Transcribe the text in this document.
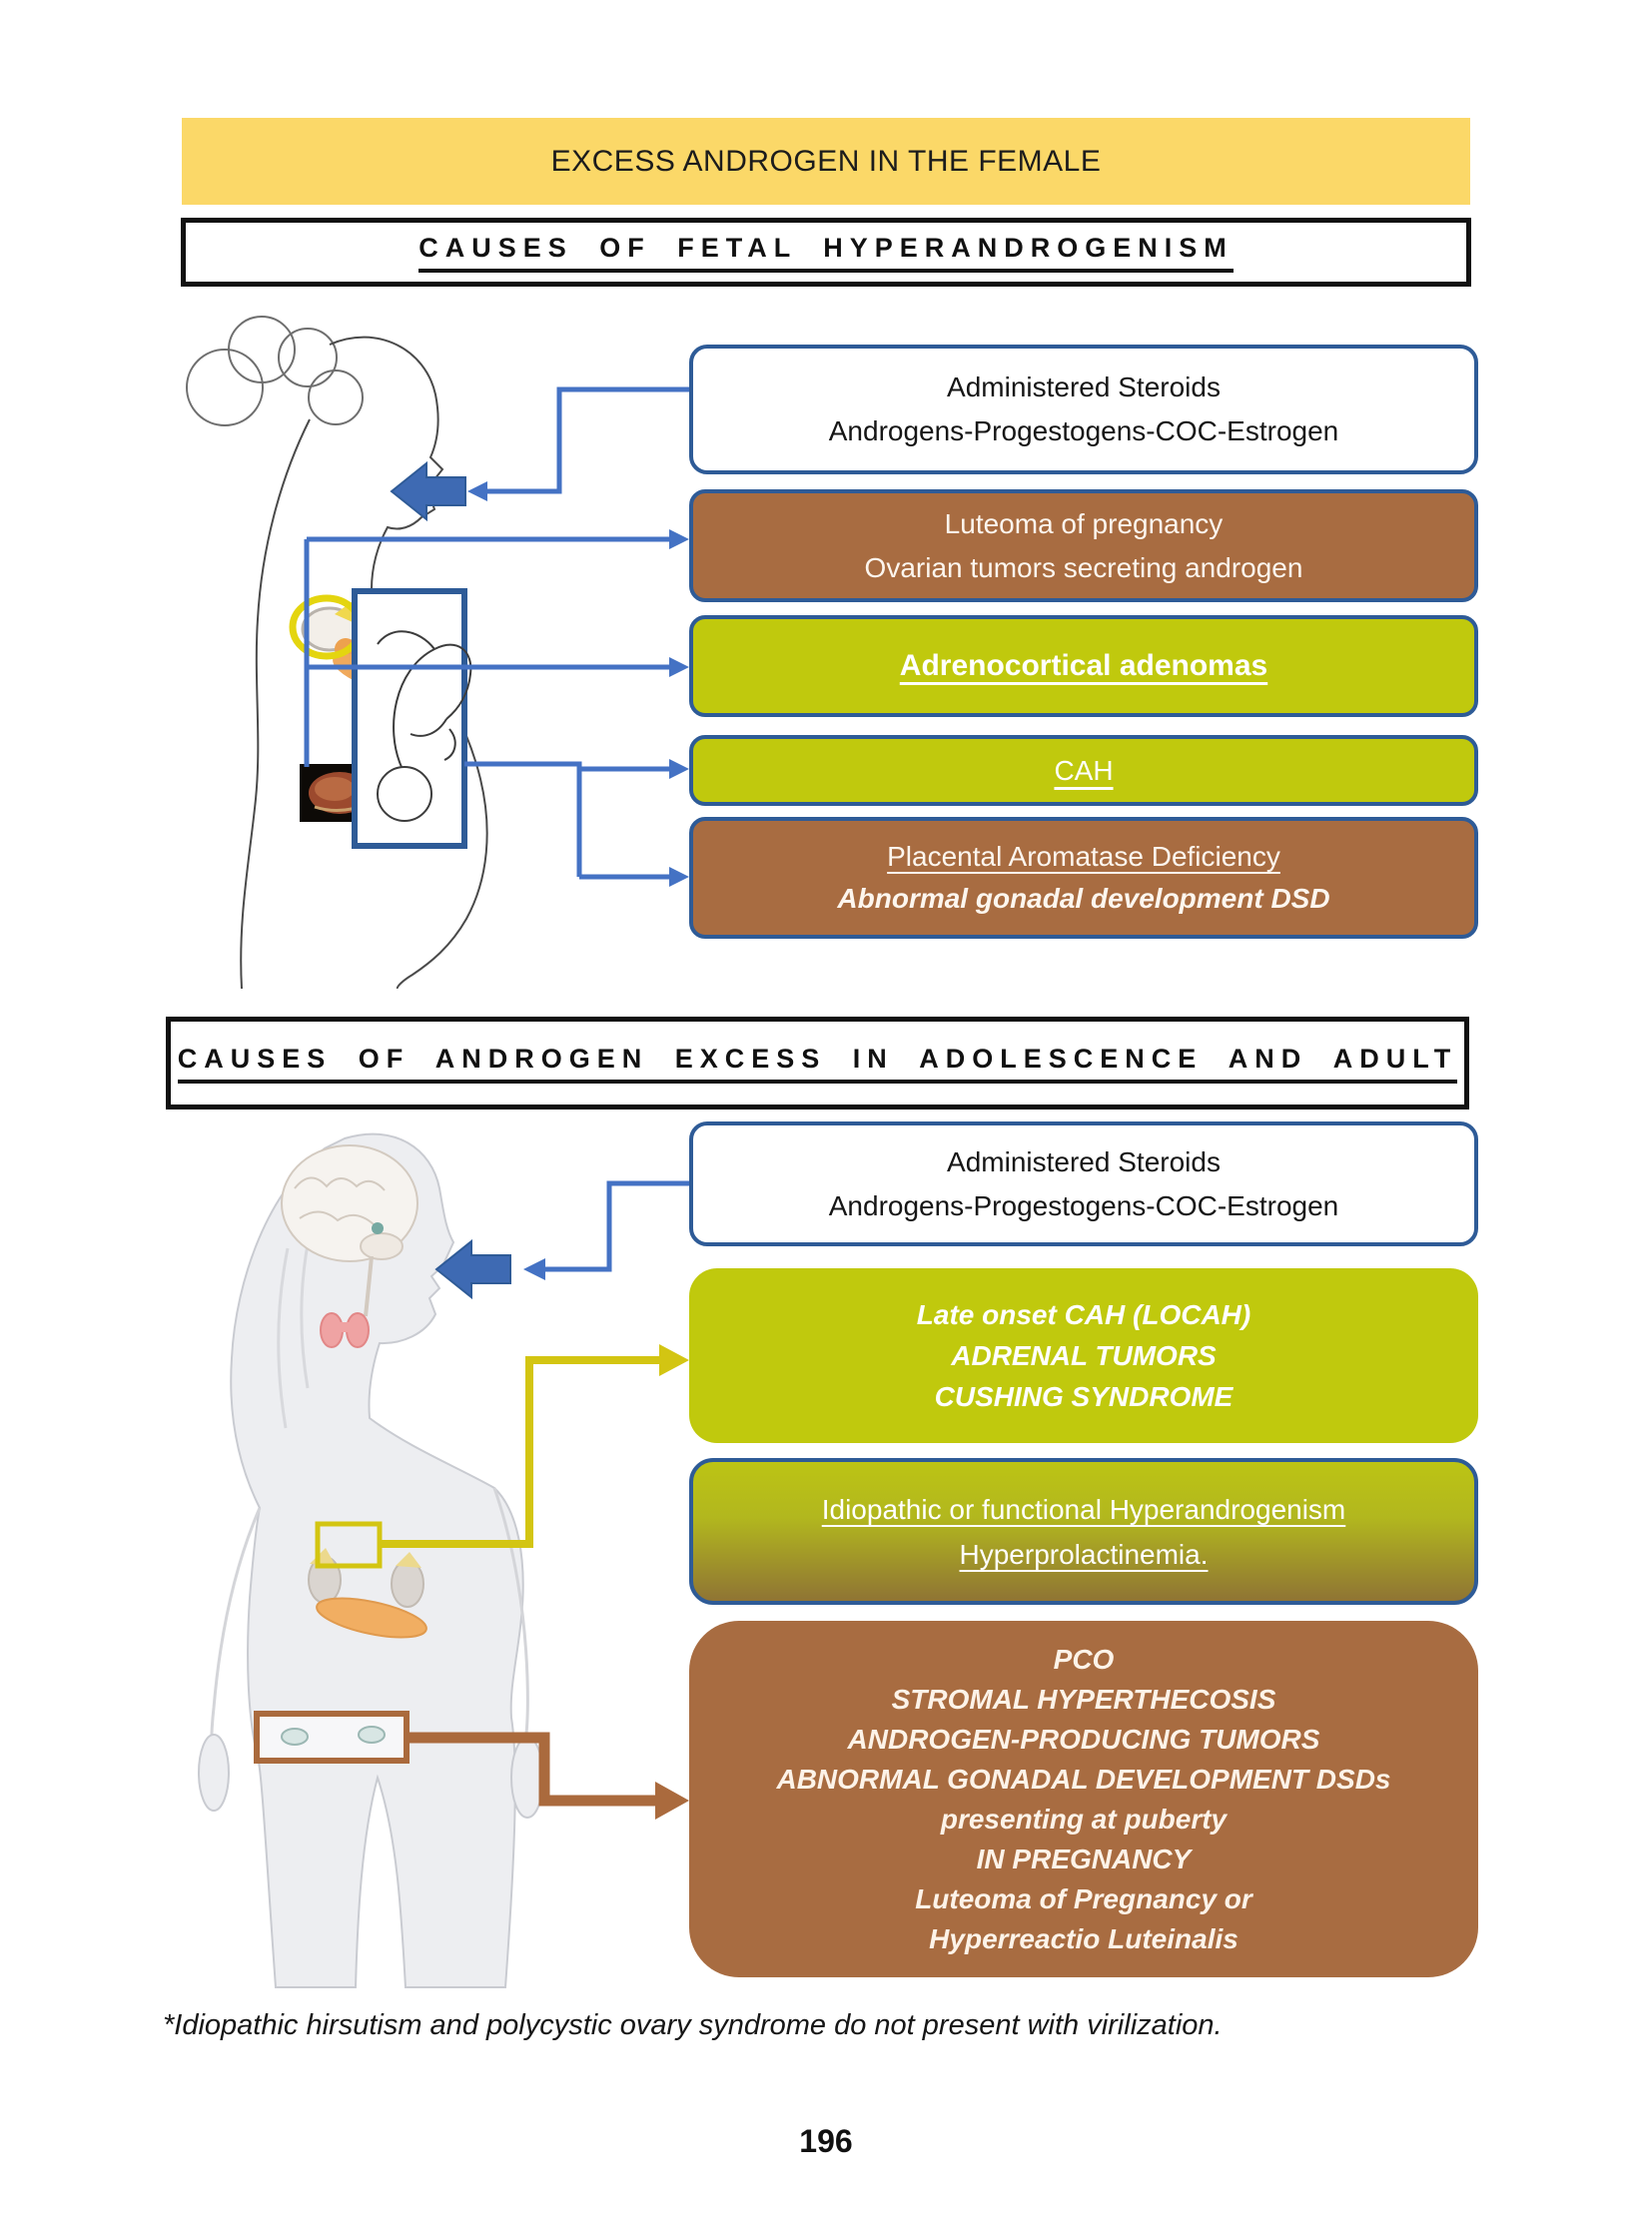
EXCESS ANDROGEN IN THE FEMALE
CAUSES OF FETAL HYPERANDROGENISM
Administered Steroids
Androgens-Progestogens-COC-Estrogen
Luteoma of pregnancy
Ovarian tumors secreting androgen
Adrenocortical adenomas
CAH
Placental Aromatase Deficiency
Abnormal gonadal development DSD
CAUSES OF ANDROGEN EXCESS IN ADOLESCENCE AND ADULT
Administered Steroids
Androgens-Progestogens-COC-Estrogen
Late onset CAH (LOCAH)
ADRENAL TUMORS
CUSHING SYNDROME
Idiopathic or functional Hyperandrogenism
Hyperprolactinemia.
PCO
STROMAL HYPERTHECOSIS
ANDROGEN-PRODUCING TUMORS
ABNORMAL GONADAL DEVELOPMENT DSDs
presenting at puberty
IN PREGNANCY
Luteoma of Pregnancy or
Hyperreactio Luteinalis
*Idiopathic hirsutism and polycystic ovary syndrome do not present with virilization.
196
